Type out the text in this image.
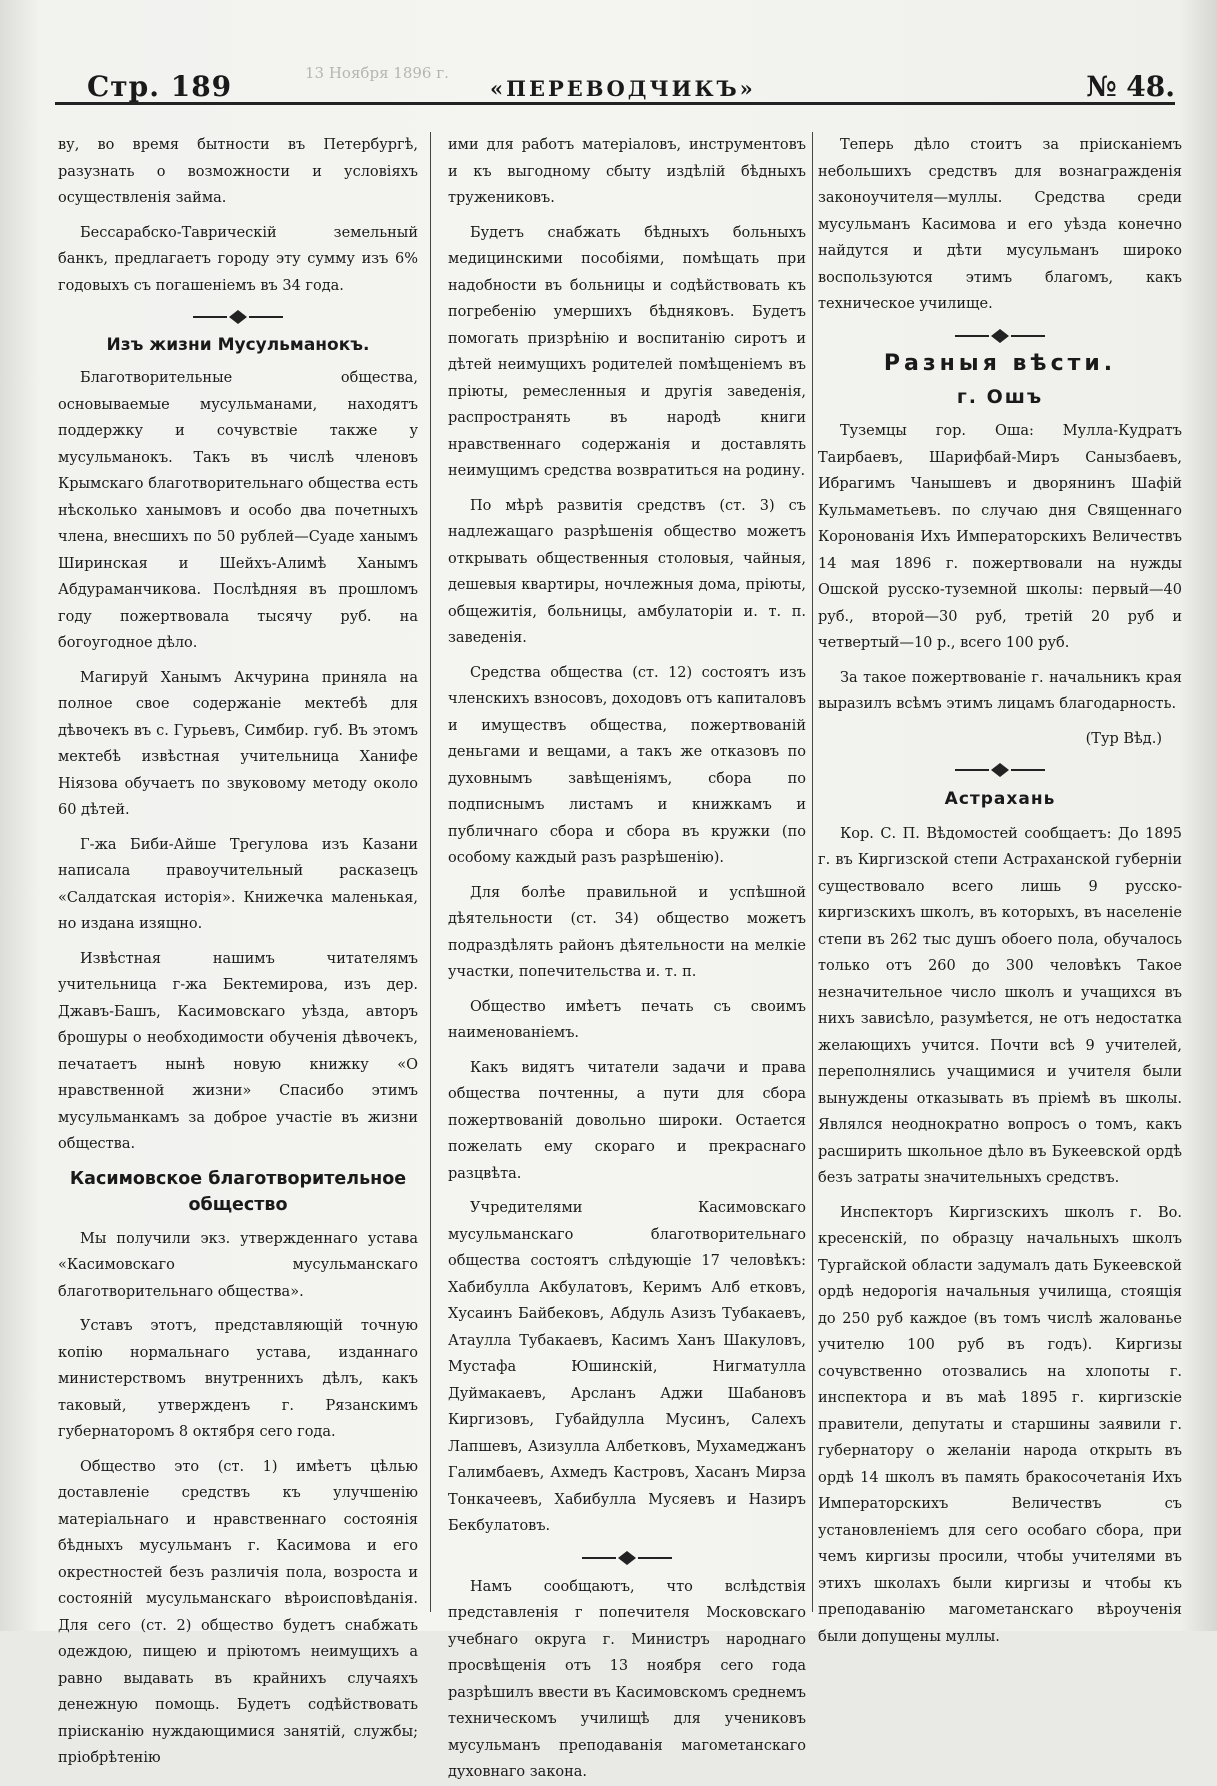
13 Ноября 1896 г.
Стр. 189	«ПЕРЕВОДЧИКЪ»	№ 48.

ву, во время бытности въ Петербургѣ, разузнать о возможности и условіяхъ осуществленія займа.

Бессарабско-Таврическій земельный банкъ, предлагаетъ городу эту сумму изъ 6% годовыхъ съ погашеніемъ въ 34 года.

Изъ жизни Мусульманокъ.

Благотворительные общества, основываемые мусульманами, находятъ поддержку и сочувствіе также у мусульманокъ. Такъ въ числѣ членовъ Крымскаго благотворительнаго общества есть нѣсколько ханымовъ и особо два почетныхъ члена, внесшихъ по 50 рублей—Суаде ханымъ Ширинская и Шейхъ-Алимѣ Ханымъ Абдураманчикова. Послѣдняя въ прошломъ году пожертвовала тысячу руб. на богоугодное дѣло.

Магируй Ханымъ Акчурина приняла на полное свое содержаніе мектебѣ для дѣвочекъ въ с. Гурьевъ, Симбир. губ. Въ этомъ мектебѣ извѣстная учительница Ханифе Ніязова обучаетъ по звуковому методу около 60 дѣтей.

Г-жа Биби-Айше Трегулова изъ Казани написала правоучительный расказецъ «Салдатская исторія». Книжечка маленькая, но издана изящно.

Извѣстная нашимъ читателямъ учительница г-жа Бектемирова, изъ дер. Джавъ-Башъ, Касимовскаго уѣзда, авторъ брошуры о необходимости обученія дѣвочекъ, печатаетъ нынѣ новую книжку «О нравственной жизни» Спасибо этимъ мусульманкамъ за доброе участіе въ жизни общества.

Касимовское благотворительное общество

Мы получили экз. утвержденнаго устава «Касимовскаго мусульманскаго благотворительнаго общества».

Уставъ этотъ, представляющій точную копію нормальнаго устава, изданнаго министерствомъ внутреннихъ дѣлъ, какъ таковый, утвержденъ г. Рязанскимъ губернаторомъ 8 октября сего года.

Общество это (ст. 1) имѣетъ цѣлью доставленіе средствъ къ улучшенію матеріальнаго и нравственнаго состоянія бѣдныхъ мусульманъ г. Касимова и его окрестностей безъ различія пола, возроста и состояній мусульманскаго вѣроисповѣданія. Для сего (ст. 2) общество будетъ снабжать одеждою, пищею и пріютомъ неимущихъ а равно выдавать въ крайнихъ случаяхъ денежную помощь. Будетъ содѣйствовать пріисканію нуждающимися занятій, службы; пріобрѣтенію

ими для работъ матеріаловъ, инструментовъ и къ выгодному сбыту издѣлій бѣдныхъ тружениковъ.

Будетъ снабжать бѣдныхъ больныхъ медицинскими пособіями, помѣщать при надобности въ больницы и содѣйствовать къ погребенію умершихъ бѣдняковъ. Будетъ помогать призрѣнію и воспитанію сиротъ и дѣтей неимущихъ родителей помѣщеніемъ въ пріюты, ремесленныя и другія заведенія, распространять въ народѣ книги нравственнаго содержанія и доставлять неимущимъ средства возвратиться на родину.

По мѣрѣ развитія средствъ (ст. 3) съ надлежащаго разрѣшенія общество можетъ открывать общественныя столовыя, чайныя, дешевыя квартиры, ночлежныя дома, пріюты, общежитія, больницы, амбулаторіи и. т. п. заведенія.

Средства общества (ст. 12) состоятъ изъ членскихъ взносовъ, доходовъ отъ капиталовъ и имуществъ общества, пожертвованій деньгами и вещами, а такъ же отказовъ по духовнымъ завѣщеніямъ, сбора по подписнымъ листамъ и книжкамъ и публичнаго сбора и сбора въ кружки (по особому каждый разъ разрѣшенію).

Для болѣе правильной и успѣшной дѣятельности (ст. 34) общество можетъ подраздѣлять районъ дѣятельности на мелкіе участки, попечительства и. т. п.

Общество имѣетъ печать съ своимъ наименованіемъ.

Какъ видятъ читатели задачи и права общества почтенны, а пути для сбора пожертвованій довольно широки. Остается пожелать ему скораго и прекраснаго разцвѣта.

Учредителями Касимовскаго мусульманскаго благотворительнаго общества состоятъ слѣдующіе 17 человѣкъ: Хабибулла Акбулатовъ, Керимъ Алб етковъ, Хусаинъ Байбековъ, Абдуль Азизъ Тубакаевъ, Атаулла Тубакаевъ, Касимъ Ханъ Шакуловъ, Мустафа Юшинскій, Нигматулла Дуймакаевъ, Арсланъ Аджи Шабановъ Киргизовъ, Губайдулла Мусинъ, Салехъ Лапшевъ, Азизулла Албетковъ, Мухамеджанъ Галимбаевъ, Ахмедъ Кастровъ, Хасанъ Мирза Тонкачеевъ, Хабибулла Мусяевъ и Назиръ Бекбулатовъ.

Намъ сообщаютъ, что вслѣдствія представленія г попечителя Московскаго учебнаго округа г. Министръ народнаго просвѣщенія отъ 13 ноября сего года разрѣшилъ ввести въ Касимовскомъ среднемъ техническомъ училищѣ для учениковъ мусульманъ преподаванія магометанскаго духовнаго закона.

Теперь дѣло стоитъ за пріисканіемъ небольшихъ средствъ для вознагражденія законоучителя—муллы. Средства среди мусульманъ Касимова и его уѣзда конечно найдутся и дѣти мусульманъ широко воспользуются этимъ благомъ, какъ техническое училище.

Разныя вѣсти.
г. Ошъ

Туземцы гор. Оша: Мулла-Кудратъ Таирбаевъ, Шарифбай-Миръ Санызбаевъ, Ибрагимъ Чанышевъ и дворянинъ Шафій Кульмаметьевъ. по случаю дня Священнаго Коронованія Ихъ Императорскихъ Величествъ 14 мая 1896 г. пожертвовали на нужды Ошской русско-туземной школы: первый—40 руб., второй—30 руб, третій 20 руб и четвертый—10 р., всего 100 руб.

За такое пожертвованіе г. начальникъ края выразилъ всѣмъ этимъ лицамъ благодарность.

(Тур Вѣд.)
Астрахань

Кор. С. П. Вѣдомостей сообщаетъ: До 1895 г. въ Киргизской степи Астраханской губерніи существовало всего лишь 9 русско-киргизскихъ школъ, въ которыхъ, въ населеніе степи въ 262 тыс душъ обоего пола, обучалось только отъ 260 до 300 человѣкъ Такое незначительное число школъ и учащихся въ нихъ зависѣло, разумѣется, не отъ недостатка желающихъ учится. Почти всѣ 9 учителей, переполнялись учащимися и учителя были вынуждены отказывать въ пріемѣ въ школы. Являлся неоднократно вопросъ о томъ, какъ расширить школьное дѣло въ Букеевской ордѣ безъ затраты значительныхъ средствъ.

Инспекторъ Киргизскихъ школъ г. Во. кресенскій, по образцу начальныхъ школъ Тургайской области задумалъ дать Букеевской ордѣ недорогія начальныя училища, стоящія до 250 руб каждое (въ томъ числѣ жалованье учителю 100 руб въ годъ). Киргизы сочувственно отозвались на хлопоты г. инспектора и въ маѣ 1895 г. киргизскіе правители, депутаты и старшины заявили г. губернатору о желаніи народа открыть въ ордѣ 14 школъ въ память бракосочетанія Ихъ Императорскихъ Величествъ съ установленіемъ для сего особаго сбора, при чемъ киргизы просили, чтобы учителями въ этихъ школахъ были киргизы и чтобы къ преподаванію магометанскаго вѣроученія были допущены муллы.
